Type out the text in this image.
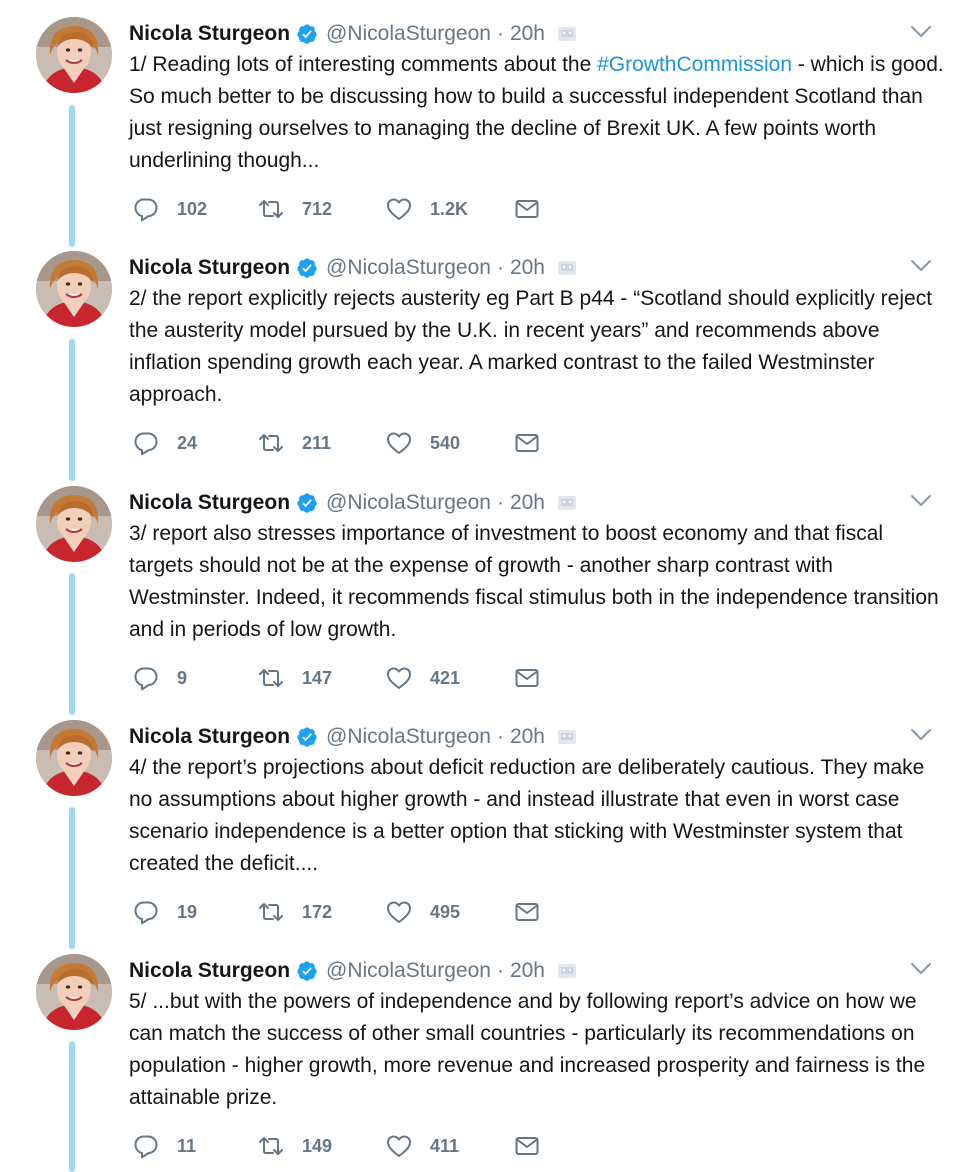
Nicola Sturgeon @NicolaSturgeon · 20h
1/ Reading lots of interesting comments about the #GrowthCommission - which is good. So much better to be discussing how to build a successful independent Scotland than just resigning ourselves to managing the decline of Brexit UK. A few points worth underlining though...
102	712	1.2K
Nicola Sturgeon @NicolaSturgeon · 20h
2/ the report explicitly rejects austerity eg Part B p44 - “Scotland should explicitly reject the austerity model pursued by the U.K. in recent years” and recommends above inflation spending growth each year. A marked contrast to the failed Westminster approach.
24	211	540
Nicola Sturgeon @NicolaSturgeon · 20h
3/ report also stresses importance of investment to boost economy and that fiscal targets should not be at the expense of growth - another sharp contrast with Westminster. Indeed, it recommends fiscal stimulus both in the independence transition and in periods of low growth.
9	147	421
Nicola Sturgeon @NicolaSturgeon · 20h
4/ the report’s projections about deficit reduction are deliberately cautious. They make no assumptions about higher growth - and instead illustrate that even in worst case scenario independence is a better option that sticking with Westminster system that created the deficit....
19	172	495
Nicola Sturgeon @NicolaSturgeon · 20h
5/ ...but with the powers of independence and by following report’s advice on how we can match the success of other small countries - particularly its recommendations on population - higher growth, more revenue and increased prosperity and fairness is the attainable prize.
11	149	411
